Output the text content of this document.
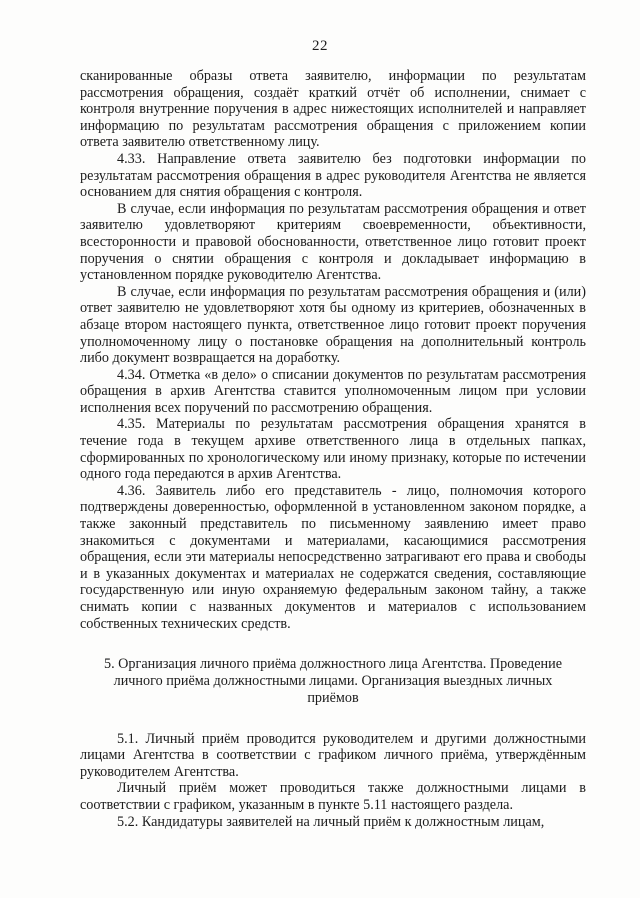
22

сканированные образы ответа заявителю, информации по результатам рассмотрения обращения, создаёт краткий отчёт об исполнении, снимает с контроля внутренние поручения в адрес нижестоящих исполнителей и направляет информацию по результатам рассмотрения обращения с приложением копии ответа заявителю ответственному лицу.

4.33. Направление ответа заявителю без подготовки информации по результатам рассмотрения обращения в адрес руководителя Агентства не является основанием для снятия обращения с контроля.

В случае, если информация по результатам рассмотрения обращения и ответ заявителю удовлетворяют критериям своевременности, объективности, всесторонности и правовой обоснованности, ответственное лицо готовит проект поручения о снятии обращения с контроля и докладывает информацию в установленном порядке руководителю Агентства.

В случае, если информация по результатам рассмотрения обращения и (или) ответ заявителю не удовлетворяют хотя бы одному из критериев, обозначенных в абзаце втором настоящего пункта, ответственное лицо готовит проект поручения уполномоченному лицу о постановке обращения на дополнительный контроль либо документ возвращается на доработку.

4.34. Отметка «в дело» о списании документов по результатам рассмотрения обращения в архив Агентства ставится уполномоченным лицом при условии исполнения всех поручений по рассмотрению обращения.

4.35. Материалы по результатам рассмотрения обращения хранятся в течение года в текущем архиве ответственного лица в отдельных папках, сформированных по хронологическому или иному признаку, которые по истечении одного года передаются в архив Агентства.

4.36. Заявитель либо его представитель - лицо, полномочия которого подтверждены доверенностью, оформленной в установленном законом порядке, а также законный представитель по письменному заявлению имеет право знакомиться с документами и материалами, касающимися рассмотрения обращения, если эти материалы непосредственно затрагивают его права и свободы и в указанных документах и материалах не содержатся сведения, составляющие государственную или иную охраняемую федеральным законом тайну, а также снимать копии с названных документов и материалов с использованием собственных технических средств.

5. Организация личного приёма должностного лица Агентства. Проведение личного приёма должностными лицами. Организация выездных личных приёмов

5.1. Личный приём проводится руководителем и другими должностными лицами Агентства в соответствии с графиком личного приёма, утверждённым руководителем Агентства.

Личный приём может проводиться также должностными лицами в соответствии с графиком, указанным в пункте 5.11 настоящего раздела.

5.2. Кандидатуры заявителей на личный приём к должностным лицам,
